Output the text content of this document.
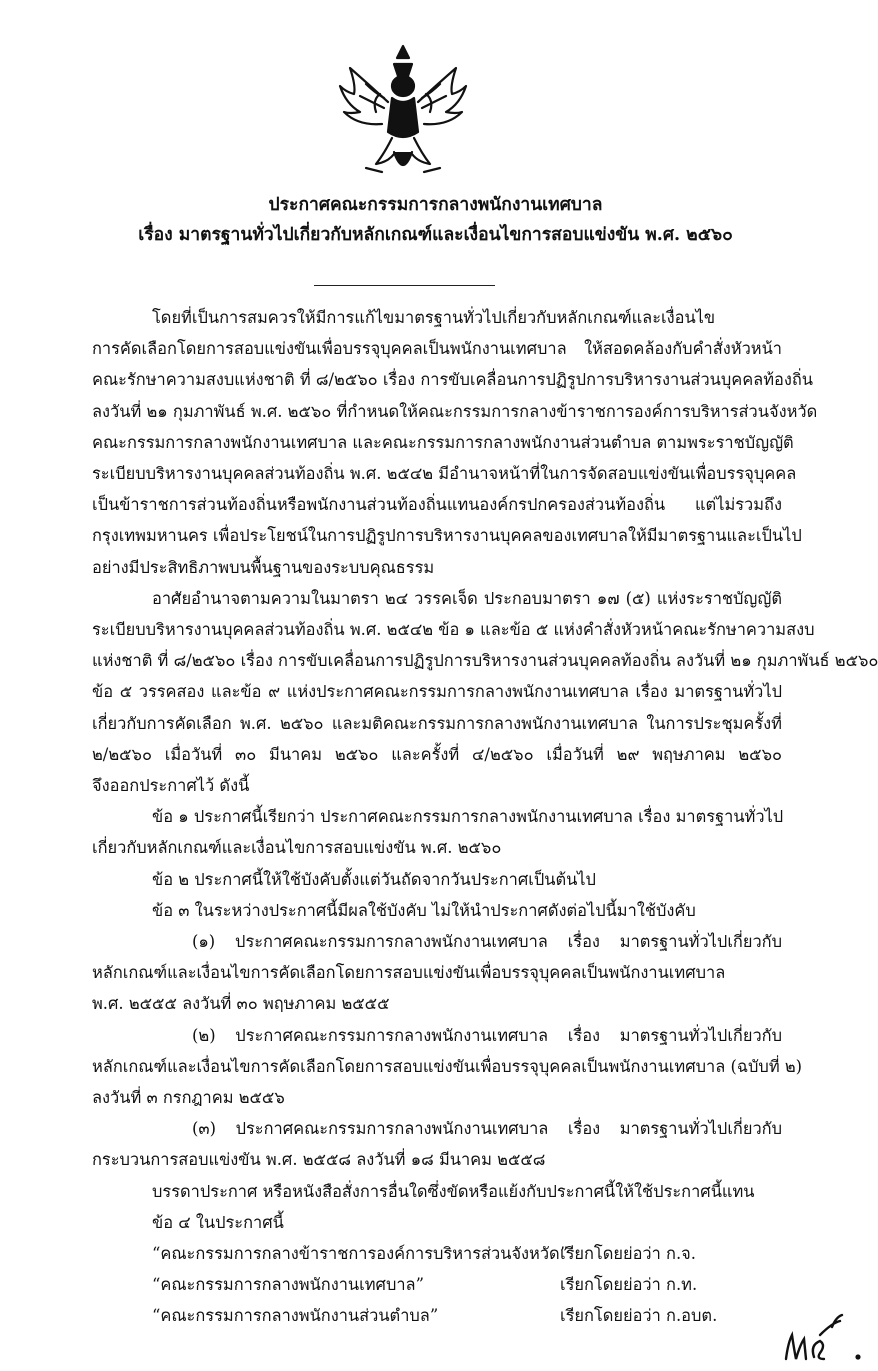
ประกาศคณะกรรมการกลางพนักงานเทศบาล
เรื่อง มาตรฐานทั่วไปเกี่ยวกับหลักเกณฑ์และเงื่อนไขการสอบแข่งขัน พ.ศ. ๒๕๖๐
โดยที่เป็นการสมควรให้มีการแก้ไขมาตรฐานทั่วไปเกี่ยวกับหลักเกณฑ์และเงื่อนไข
การคัดเลือกโดยการสอบแข่งขันเพื่อบรรจุบุคคลเป็นพนักงานเทศบาล ให้สอดคล้องกับคำสั่งหัวหน้า
คณะรักษาความสงบแห่งชาติ ที่ ๘/๒๕๖๐ เรื่อง การขับเคลื่อนการปฏิรูปการบริหารงานส่วนบุคคลท้องถิ่น
ลงวันที่ ๒๑ กุมภาพันธ์ พ.ศ. ๒๕๖๐ ที่กำหนดให้คณะกรรมการกลางข้าราชการองค์การบริหารส่วนจังหวัด
คณะกรรมการกลางพนักงานเทศบาล และคณะกรรมการกลางพนักงานส่วนตำบล ตามพระราชบัญญัติ
ระเบียบบริหารงานบุคคลส่วนท้องถิ่น พ.ศ. ๒๕๔๒ มีอำนาจหน้าที่ในการจัดสอบแข่งขันเพื่อบรรจุบุคคล
เป็นข้าราชการส่วนท้องถิ่นหรือพนักงานส่วนท้องถิ่นแทนองค์กรปกครองส่วนท้องถิ่น แต่ไม่รวมถึง
กรุงเทพมหานคร เพื่อประโยชน์ในการปฏิรูปการบริหารงานบุคคลของเทศบาลให้มีมาตรฐานและเป็นไป
อย่างมีประสิทธิภาพบนพื้นฐานของระบบคุณธรรม
อาศัยอำนาจตามความในมาตรา ๒๔ วรรคเจ็ด ประกอบมาตรา ๑๗ (๕) แห่งระราชบัญญัติ
ระเบียบบริหารงานบุคคลส่วนท้องถิ่น พ.ศ. ๒๕๔๒ ข้อ ๑ และข้อ ๕ แห่งคำสั่งหัวหน้าคณะรักษาความสงบ
แห่งชาติ ที่ ๘/๒๕๖๐ เรื่อง การขับเคลื่อนการปฏิรูปการบริหารงานส่วนบุคคลท้องถิ่น ลงวันที่ ๒๑ กุมภาพันธ์ ๒๕๖๐
ข้อ ๕ วรรคสอง และข้อ ๙ แห่งประกาศคณะกรรมการกลางพนักงานเทศบาล เรื่อง มาตรฐานทั่วไป
เกี่ยวกับการคัดเลือก พ.ศ. ๒๕๖๐ และมติคณะกรรมการกลางพนักงานเทศบาล ในการประชุมครั้งที่
๒/๒๕๖๐ เมื่อวันที่ ๓๐ มีนาคม ๒๕๖๐ และครั้งที่ ๔/๒๕๖๐ เมื่อวันที่ ๒๙ พฤษภาคม ๒๕๖๐
จึงออกประกาศไว้ ดังนี้
ข้อ ๑ ประกาศนี้เรียกว่า ประกาศคณะกรรมการกลางพนักงานเทศบาล เรื่อง มาตรฐานทั่วไป
เกี่ยวกับหลักเกณฑ์และเงื่อนไขการสอบแข่งขัน พ.ศ. ๒๕๖๐
ข้อ ๒ ประกาศนี้ให้ใช้บังคับตั้งแต่วันถัดจากวันประกาศเป็นต้นไป
ข้อ ๓ ในระหว่างประกาศนี้มีผลใช้บังคับ ไม่ให้นำประกาศดังต่อไปนี้มาใช้บังคับ
(๑) ประกาศคณะกรรมการกลางพนักงานเทศบาล เรื่อง มาตรฐานทั่วไปเกี่ยวกับ
หลักเกณฑ์และเงื่อนไขการคัดเลือกโดยการสอบแข่งขันเพื่อบรรจุบุคคลเป็นพนักงานเทศบาล
พ.ศ. ๒๕๕๕ ลงวันที่ ๓๐ พฤษภาคม ๒๕๕๕
(๒) ประกาศคณะกรรมการกลางพนักงานเทศบาล เรื่อง มาตรฐานทั่วไปเกี่ยวกับ
หลักเกณฑ์และเงื่อนไขการคัดเลือกโดยการสอบแข่งขันเพื่อบรรจุบุคคลเป็นพนักงานเทศบาล (ฉบับที่ ๒)
ลงวันที่ ๓ กรกฎาคม ๒๕๕๖
(๓) ประกาศคณะกรรมการกลางพนักงานเทศบาล เรื่อง มาตรฐานทั่วไปเกี่ยวกับ
กระบวนการสอบแข่งขัน พ.ศ. ๒๕๕๘ ลงวันที่ ๑๘ มีนาคม ๒๕๕๘
บรรดาประกาศ หรือหนังสือสั่งการอื่นใดซึ่งขัดหรือแย้งกับประกาศนี้ให้ใช้ประกาศนี้แทน
ข้อ ๔ ในประกาศนี้
“คณะกรรมการกลางข้าราชการองค์การบริหารส่วนจังหวัด”
เรียกโดยย่อว่า ก.จ.
“คณะกรรมการกลางพนักงานเทศบาล”	เรียกโดยย่อว่า ก.ท.
“คณะกรรมการกลางพนักงานส่วนตำบล”	เรียกโดยย่อว่า ก.อบต.
